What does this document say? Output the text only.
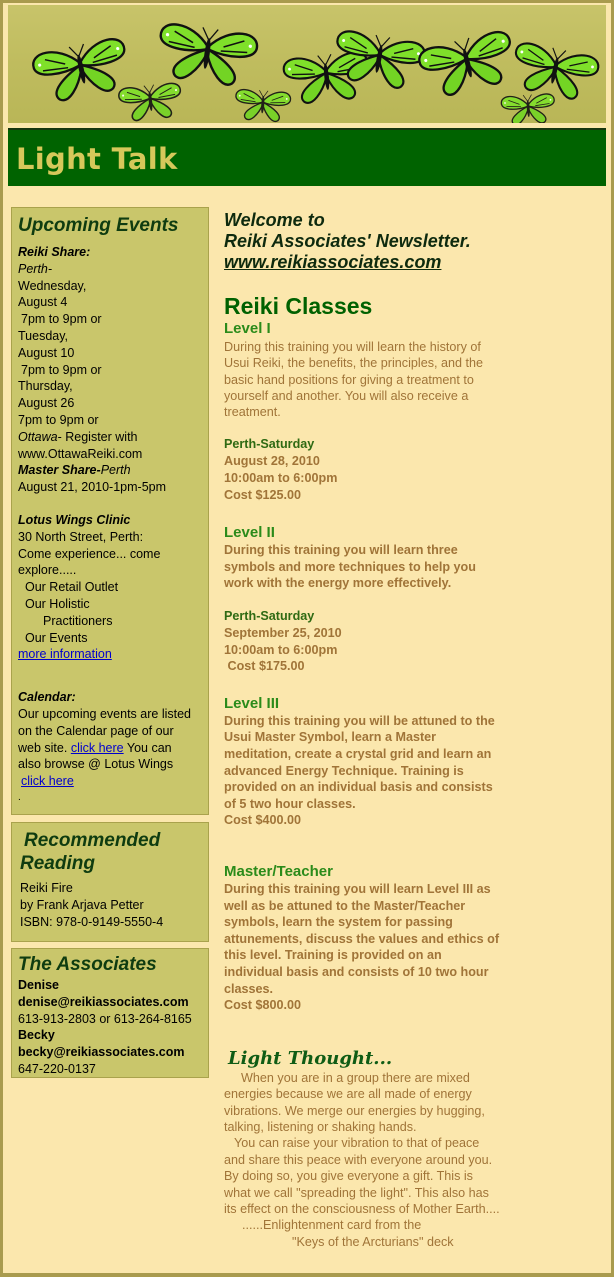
Light Talk
Upcoming Events
Reiki Share:
Perth-
Wednesday,
August 4
7pm to 9pm or
Tuesday,
August 10
7pm to 9pm or
Thursday,
August 26
7pm to 9pm or
Ottawa- Register with
www.OttawaReiki.com
Master Share-Perth
August 21, 2010-1pm-5pm
Lotus Wings Clinic
30 North Street, Perth:
Come experience... come
explore.....
Our Retail Outlet
Our Holistic
Practitioners
Our Events
more information
Calendar:
Our upcoming events are listed
on the Calendar page of our
web site. click here You can
also browse @ Lotus Wings
click here
.
Recommended
Reading
Reiki Fire
by Frank Arjava Petter
ISBN: 978-0-9149-5550-4
The Associates
Denise
denise@reikiassociates.com
613-913-2803 or 613-264-8165
Becky
becky@reikiassociates.com
647-220-0137
Welcome to
Reiki Associates' Newsletter.
www.reikiassociates.com
Reiki Classes
Level I
During this training you will learn the history of
Usui Reiki, the benefits, the principles, and the
basic hand positions for giving a treatment to
yourself and another. You will also receive a
treatment.
Perth-Saturday
August 28, 2010
10:00am to 6:00pm
Cost $125.00
Level II
During this training you will learn three
symbols and more techniques to help you
work with the energy more effectively.
Perth-Saturday
September 25, 2010
10:00am to 6:00pm
Cost $175.00
Level III
During this training you will be attuned to the
Usui Master Symbol, learn a Master
meditation, create a crystal grid and learn an
advanced Energy Technique. Training is
provided on an individual basis and consists
of 5 two hour classes.
Cost $400.00
Master/Teacher
During this training you will learn Level III as
well as be attuned to the Master/Teacher
symbols, learn the system for passing
attunements, discuss the values and ethics of
this level. Training is provided on an
individual basis and consists of 10 two hour
classes.
Cost $800.00
Light Thought...
When you are in a group there are mixed
energies because we are all made of energy
vibrations. We merge our energies by hugging,
talking, listening or shaking hands.
You can raise your vibration to that of peace
and share this peace with everyone around you.
By doing so, you give everyone a gift. This is
what we call "spreading the light". This also has
its effect on the consciousness of Mother Earth....
......Enlightenment card from the
"Keys of the Arcturians" deck
